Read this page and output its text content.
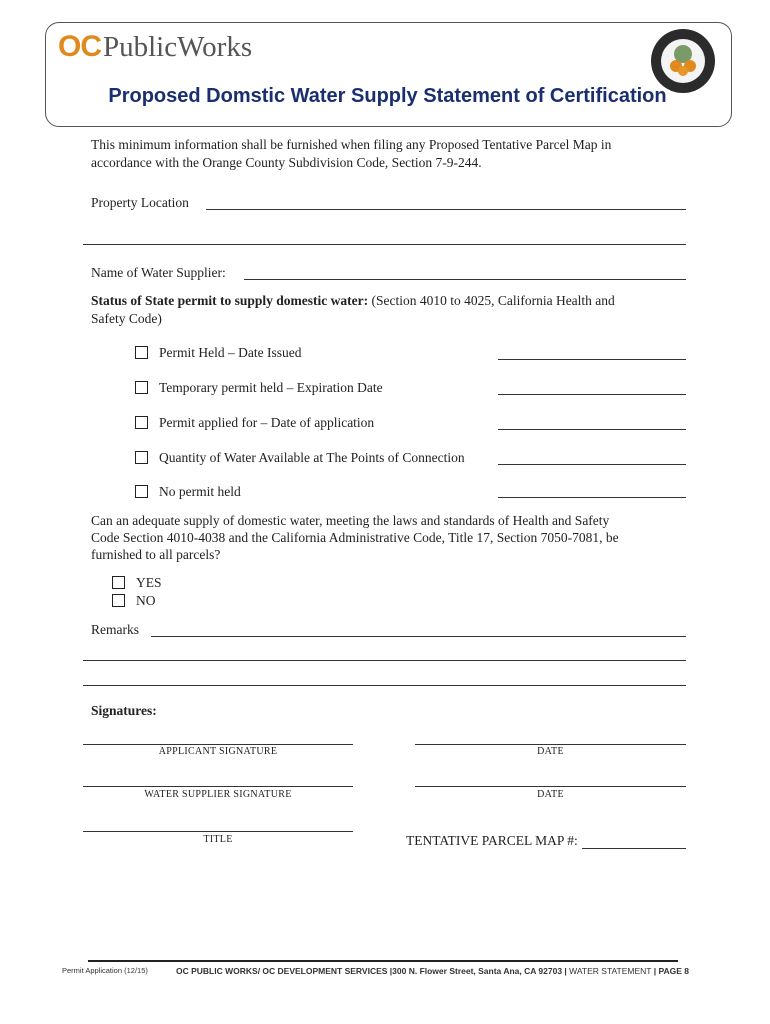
OC PublicWorks
Proposed Domstic Water Supply Statement of Certification
This minimum information shall be furnished when filing any Proposed Tentative Parcel Map in
accordance with the Orange County Subdivision Code, Section 7-9-244.
Property Location
Name of Water Supplier:
Status of State permit to supply domestic water: (Section 4010 to 4025, California Health and
Safety Code)
Permit Held – Date Issued
Temporary permit held – Expiration Date
Permit applied for – Date of application
Quantity of Water Available at The Points of Connection
No permit held
Can an adequate supply of domestic water, meeting the laws and standards of Health and Safety
Code Section 4010-4038 and the California Administrative Code, Title 17, Section 7050-7081, be
furnished to all parcels?
YES
NO
Remarks
Signatures:
APPLICANT SIGNATURE	DATE
WATER SUPPLIER SIGNATURE	DATE
TITLE	TENTATIVE PARCEL MAP #:
Permit Application (12/15)	OC PUBLIC WORKS/ OC DEVELOPMENT SERVICES |300 N. Flower Street, Santa Ana, CA 92703 | WATER STATEMENT | PAGE 8
